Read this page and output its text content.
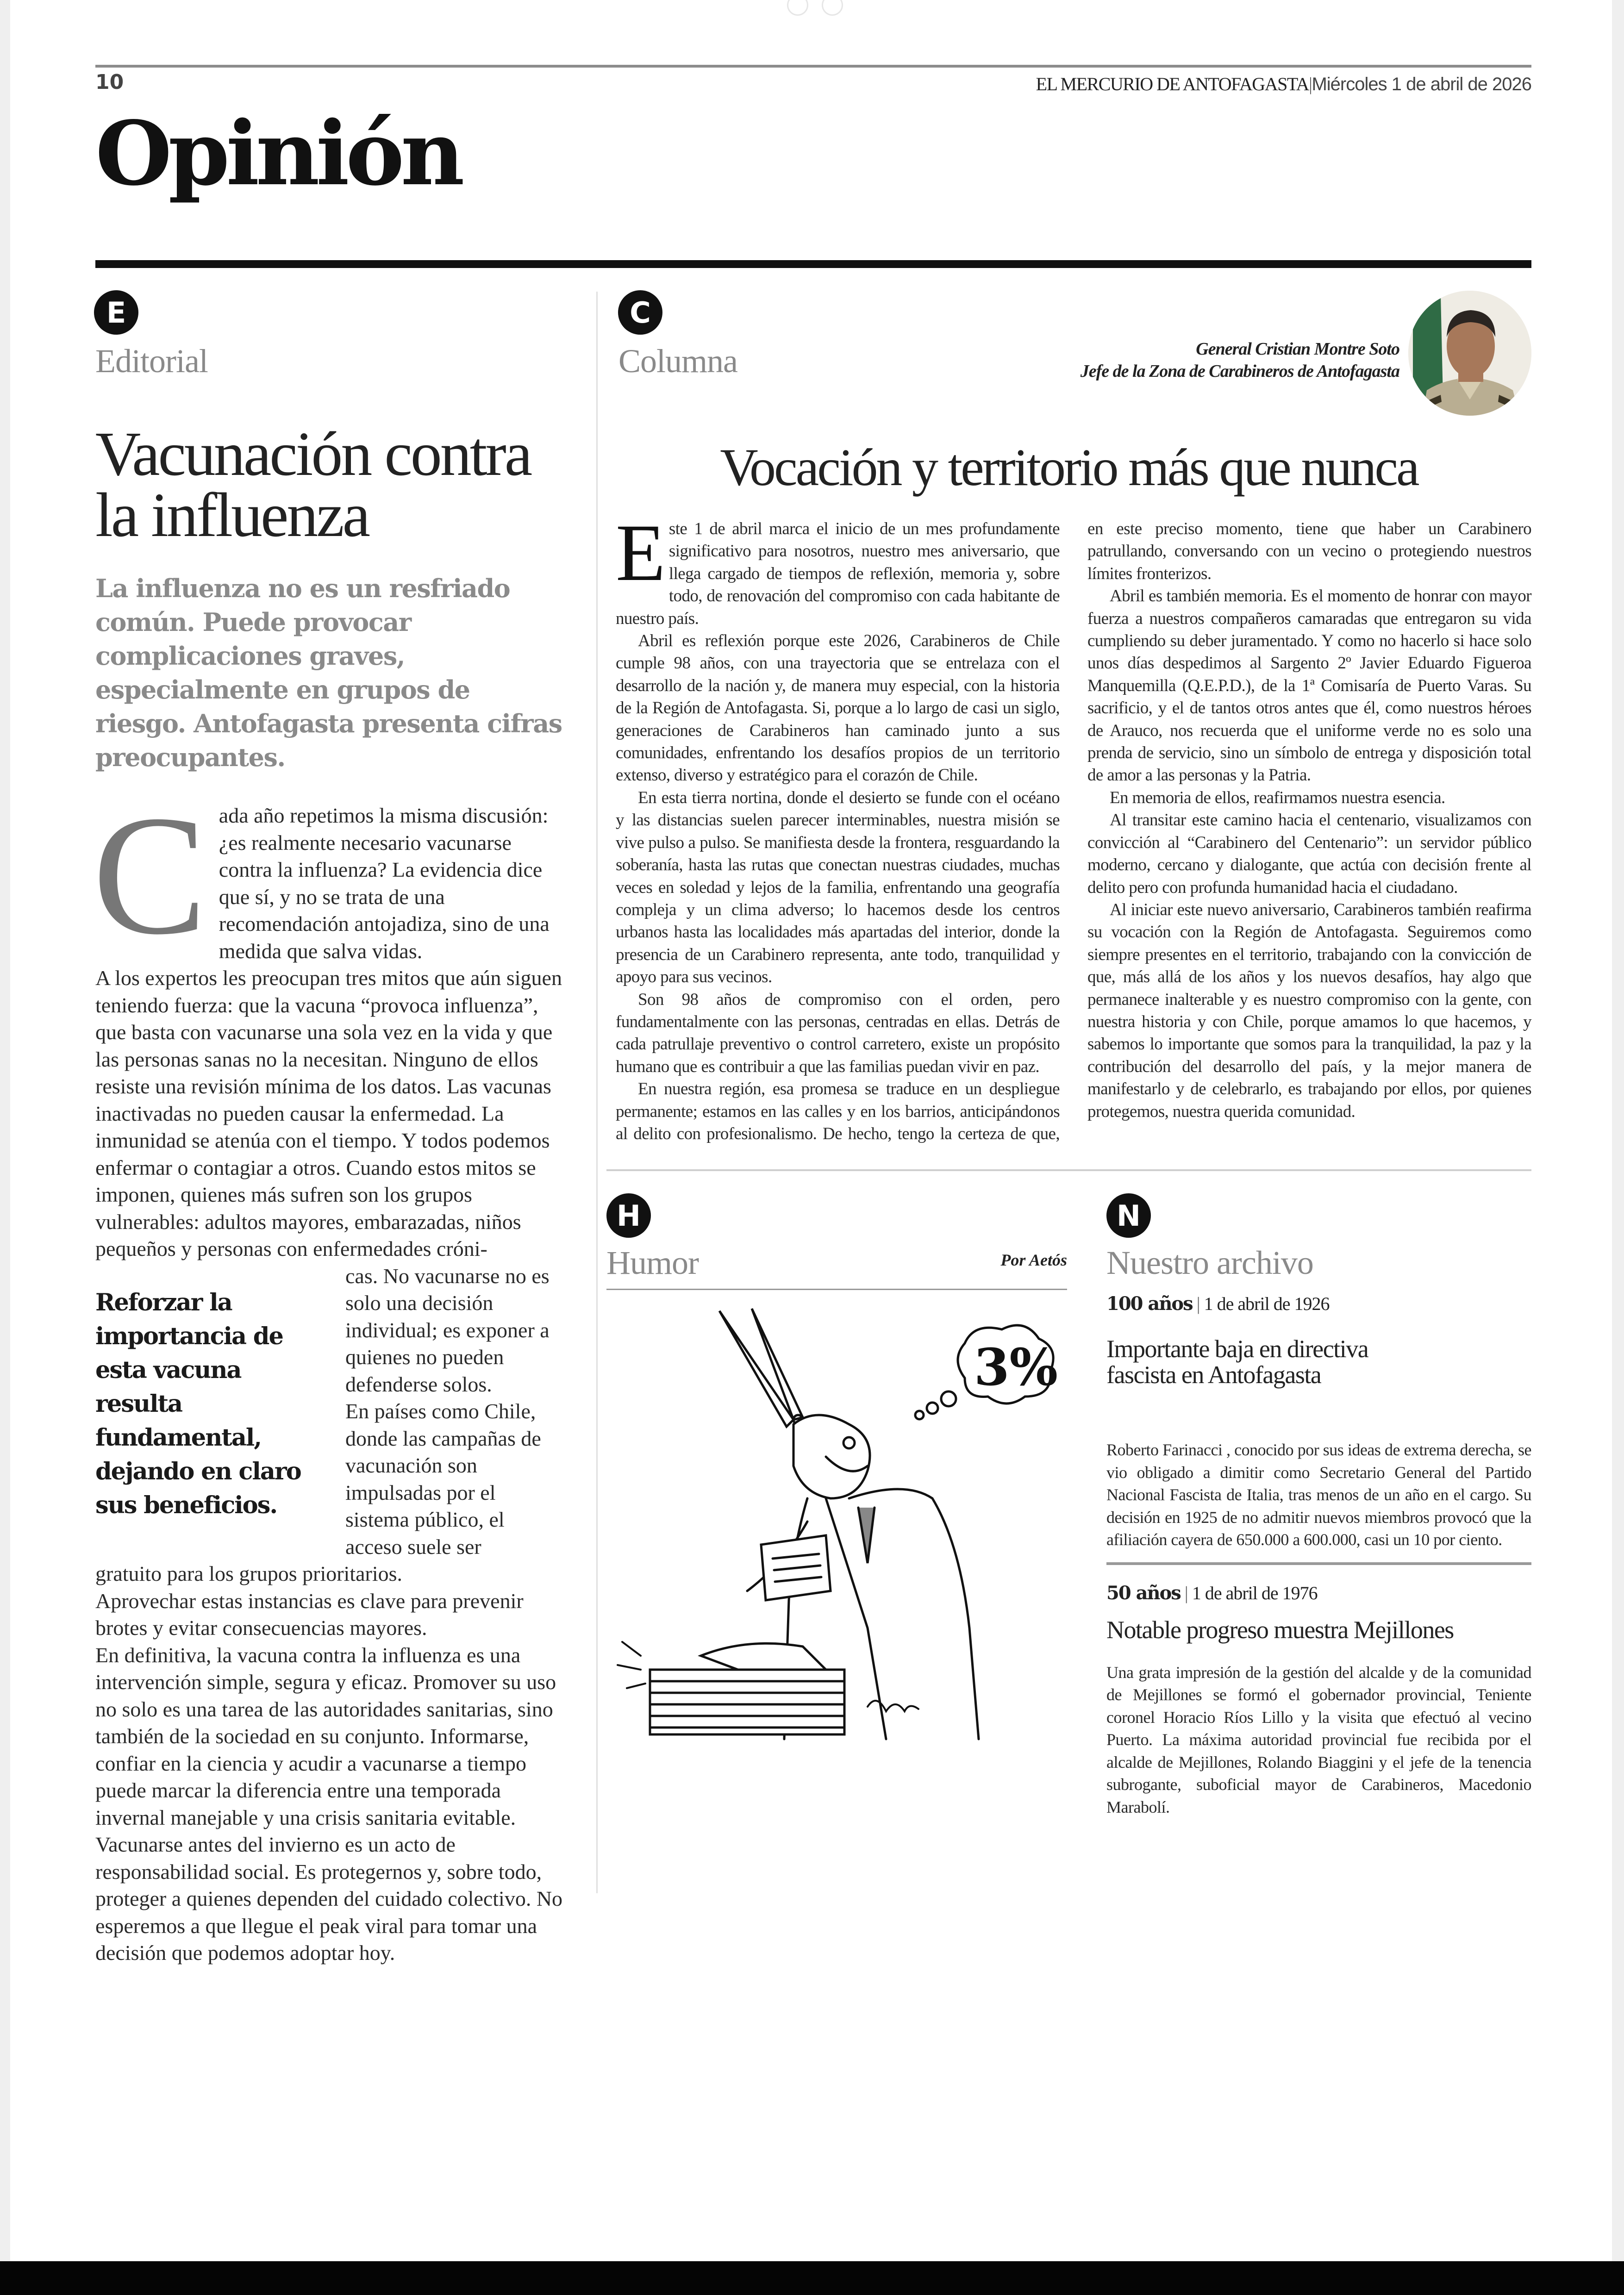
10	EL MERCURIO DE ANTOFAGASTA|Miércoles 1 de abril de 2026
Opinión
E
Editorial
Vacunación contra la influenza
La influenza no es un resfriado común. Puede provocar complicaciones graves, especialmente en grupos de riesgo. Antofagasta presenta cifras preocupantes.

Cada año repetimos la misma discusión: ¿es realmente necesario vacunarse contra la influenza? La evidencia dice que sí, y no se trata de una recomendación antojadiza, sino de una medida que salva vidas.

A los expertos les preocupan tres mitos que aún siguen teniendo fuerza: que la vacuna “provoca influenza”, que basta con vacunarse una sola vez en la vida y que las personas sanas no la necesitan. Ninguno de ellos resiste una revisión mínima de los datos. Las vacunas inactivadas no pueden causar la enfermedad. La inmunidad se atenúa con el tiempo. Y todos podemos enfermar o contagiar a otros. Cuando estos mitos se imponen, quienes más sufren son los grupos vulnerables: adultos mayores, embarazadas, niños pequeños y personas con enfermedades cróni-

Reforzar la importancia de esta vacuna resulta fundamental, dejando en claro sus beneficios.

cas. No vacunarse no es solo una decisión individual; es exponer a quienes no pueden defenderse solos.

En países como Chile, donde las campañas de vacunación son impulsadas por el sistema público, el acceso suele ser

gratuito para los grupos prioritarios.

Aprovechar estas instancias es clave para prevenir brotes y evitar consecuencias mayores.

En definitiva, la vacuna contra la influenza es una intervención simple, segura y eficaz. Promover su uso no solo es una tarea de las autoridades sanitarias, sino también de la sociedad en su conjunto. Informarse, confiar en la ciencia y acudir a vacunarse a tiempo puede marcar la diferencia entre una temporada invernal manejable y una crisis sanitaria evitable.

Vacunarse antes del invierno es un acto de responsabilidad social. Es protegernos y, sobre todo, proteger a quienes dependen del cuidado colectivo. No esperemos a que llegue el peak viral para tomar una decisión que podemos adoptar hoy.

C
Columna	General Cristian Montre Soto
Jefe de la Zona de Carabineros de Antofagasta
Vocación y territorio más que nunca

Este 1 de abril marca el inicio de un mes profundamente significativo para nosotros, nuestro mes aniversario, que llega cargado de tiempos de reflexión, memoria y, sobre todo, de renovación del compromiso con cada habitante de nuestro país.

Abril es reflexión porque este 2026, Carabineros de Chile cumple 98 años, con una trayectoria que se entrelaza con el desarrollo de la nación y, de manera muy especial, con la historia de la Región de Antofagasta. Si, porque a lo largo de casi un siglo, generaciones de Carabineros han caminado junto a sus comunidades, enfrentando los desafíos propios de un territorio extenso, diverso y estratégico para el corazón de Chile.

En esta tierra nortina, donde el desierto se funde con el océano y las distancias suelen parecer interminables, nuestra misión se vive pulso a pulso. Se manifiesta desde la frontera, resguardando la soberanía, hasta las rutas que conectan nuestras ciudades, muchas veces en soledad y lejos de la familia, enfrentando una geografía compleja y un clima adverso; lo hacemos desde los centros urbanos hasta las localidades más apartadas del interior, donde la presencia de un Carabinero representa, ante todo, tranquilidad y apoyo para sus vecinos.

Son 98 años de compromiso con el orden, pero fundamentalmente con las personas, centradas en ellas. Detrás de cada patrullaje preventivo o control carretero, existe un propósito humano que es contribuir a que las familias puedan vivir en paz.

En nuestra región, esa promesa se traduce en un despliegue permanente; estamos en las calles y en los barrios, anticipándonos al delito con profesionalismo. De hecho, tengo la certeza de que, en este preciso momento, tiene que haber un Carabinero patrullando, conversando con un vecino o protegiendo nuestros límites fronterizos.

Abril es también memoria. Es el momento de honrar con mayor fuerza a nuestros compañeros camaradas que entregaron su vida cumpliendo su deber juramentado. Y como no hacerlo si hace solo unos días despedimos al Sargento 2º Javier Eduardo Figueroa Manquemilla (Q.E.P.D.), de la 1ª Comisaría de Puerto Varas. Su sacrificio, y el de tantos otros antes que él, como nuestros héroes de Arauco, nos recuerda que el uniforme verde no es solo una prenda de servicio, sino un símbolo de entrega y disposición total de amor a las personas y la Patria.

En memoria de ellos, reafirmamos nuestra esencia.

Al transitar este camino hacia el centenario, visualizamos con convicción al “Carabinero del Centenario”: un servidor público moderno, cercano y dialogante, que actúa con decisión frente al delito pero con profunda humanidad hacia el ciudadano.

Al iniciar este nuevo aniversario, Carabineros también reafirma su vocación con la Región de Antofagasta. Seguiremos como siempre presentes en el territorio, trabajando con la convicción de que, más allá de los años y los nuevos desafíos, hay algo que permanece inalterable y es nuestro compromiso con la gente, con nuestra historia y con Chile, porque amamos lo que hacemos, y sabemos lo importante que somos para la tranquilidad, la paz y la contribución del desarrollo del país, y la mejor manera de manifestarlo y de celebrarlo, es trabajando por ellos, por quienes protegemos, nuestra querida comunidad.

H
Humor	Por Aetós
3%
N
Nuestro archivo
100 años | 1 de abril de 1926
Importante baja en directiva fascista en Antofagasta
Roberto Farinacci , conocido por sus ideas de extrema derecha, se vio obligado a dimitir como Secretario General del Partido Nacional Fascista de Italia, tras menos de un año en el cargo. Su decisión en 1925 de no admitir nuevos miembros provocó que la afiliación cayera de 650.000 a 600.000, casi un 10 por ciento.
50 años | 1 de abril de 1976
Notable progreso muestra Mejillones
Una grata impresión de la gestión del alcalde y de la comunidad de Mejillones se formó el gobernador provincial, Teniente coronel Horacio Ríos Lillo y la visita que efectuó al vecino Puerto. La máxima autoridad provincial fue recibida por el alcalde de Mejillones, Rolando Biaggini y el jefe de la tenencia subrogante, suboficial mayor de Carabineros, Macedonio Marabolí.
